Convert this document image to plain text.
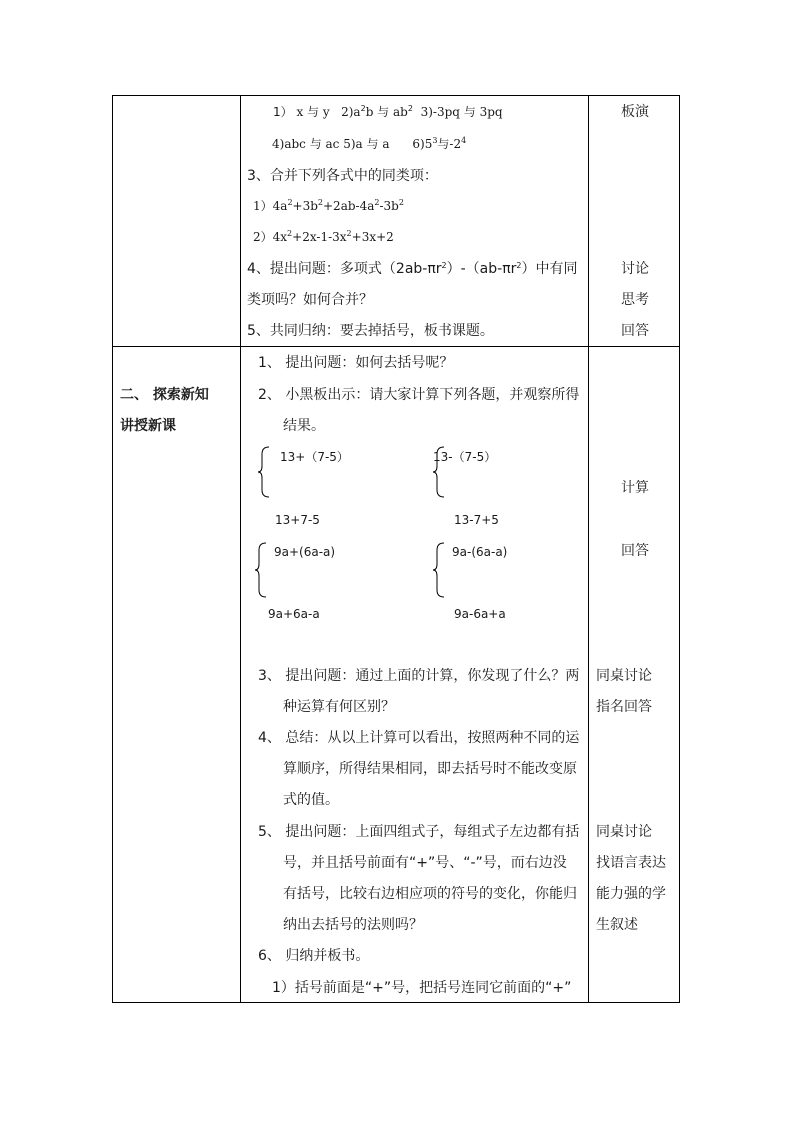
1） x 与 y $2)a^2b$ 与 $ab^2$ 3)-3pq 与 3pq
4)abc 与 ac 5)a 与 a $6)5^3$与$-2^4$
3、合并下列各式中的同类项：
$1)4a^2+3b^2+2ab-4a^2-3b^2$
$2)4x^2+2x-1-3x^2+3x+2$
4、提出问题：多项式$(2ab-\pi r^2)-(ab-\pi r^2)$中有同
类项吗？如何合并？
5、共同归纳：要去掉括号，板书课题。
板演
讨论
思考
回答
二、 探索新知
讲授新课
1、 提出问题：如何去括号呢？
2、 小黑板出示：请大家计算下列各题，并观察所得
结果。
13+（7-5）
13+7-5
13-（7-5）
13-7+5
9a+(6a-a)
9a+6a-a
9a-(6a-a)
9a-6a+a
3、 提出问题：通过上面的计算，你发现了什么？两
种运算有何区别？
4、 总结：从以上计算可以看出，按照两种不同的运
算顺序，所得结果相同，即去括号时不能改变原
式的值。
5、 提出问题：上面四组式子，每组式子左边都有括
号，并且括号前面有“+”号、“-”号，而右边没
有括号，比较右边相应项的符号的变化，你能归
纳出去括号的法则吗？
6、 归纳并板书。
1）括号前面是“+”号，把括号连同它前面的“+”
计算
回答
同桌讨论
指名回答
同桌讨论
找语言表达
能力强的学
生叙述
